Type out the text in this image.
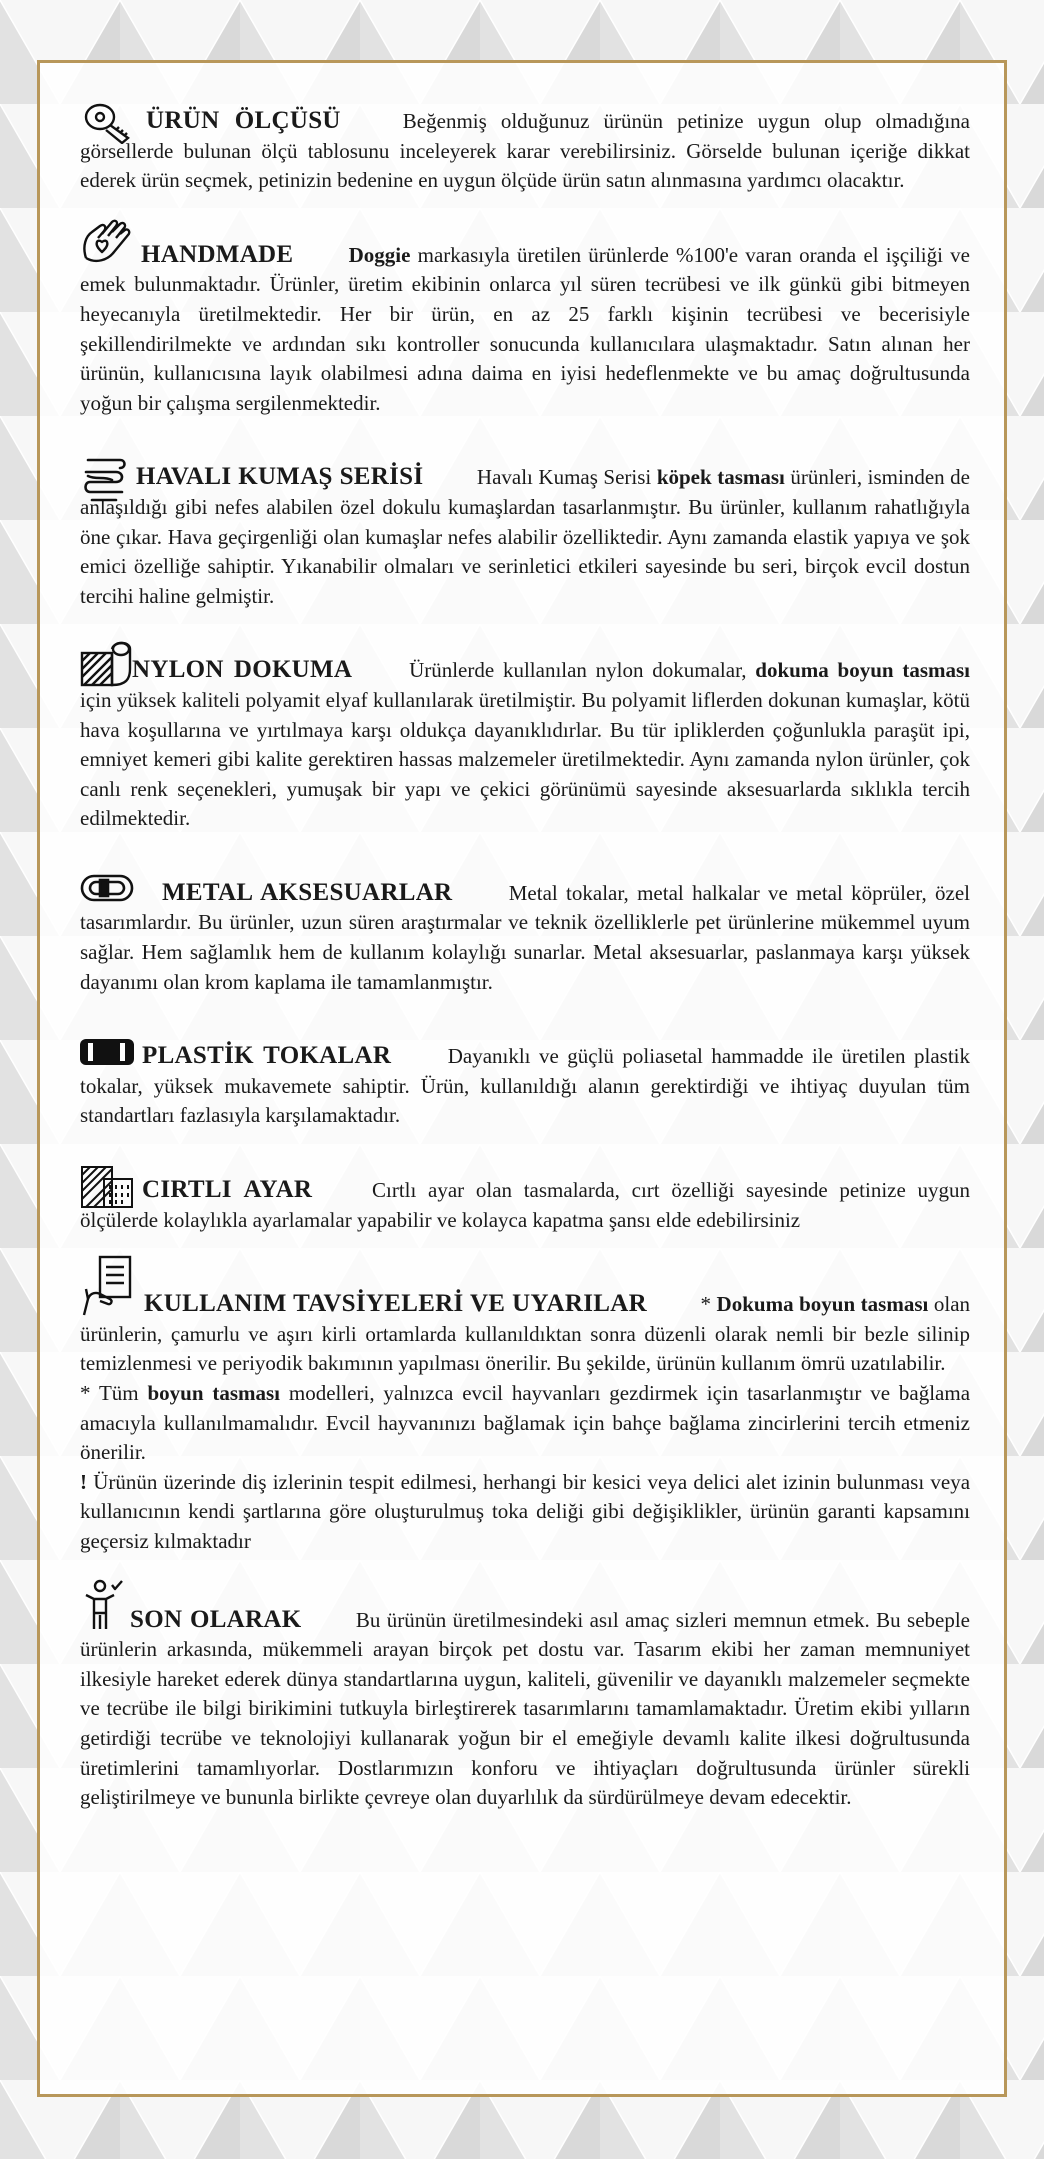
ÜRÜN ÖLÇÜSÜ	Beğenmiş olduğunuz ürünün petinize uygun olup olmadığına görsellerde bulunan ölçü tablosunu inceleyerek karar verebilirsiniz. Görselde bulunan içeriğe dikkat ederek ürün seçmek, petinizin bedenine en uygun ölçüde ürün satın alınmasına yardımcı olacaktır.

HANDMADE	Doggie markasıyla üretilen ürünlerde %100'e varan oranda el işçiliği ve emek bulunmaktadır. Ürünler, üretim ekibinin onlarca yıl süren tecrübesi ve ilk günkü gibi bitmeyen heyecanıyla üretilmektedir. Her bir ürün, en az 25 farklı kişinin tecrübesi ve becerisiyle şekillendirilmekte ve ardından sıkı kontroller sonucunda kullanıcılara ulaşmaktadır. Satın alınan her ürünün, kullanıcısına layık olabilmesi adına daima en iyisi hedeflenmekte ve bu amaç doğrultusunda yoğun bir çalışma sergilenmektedir.

HAVALI KUMAŞ SERİSİ	Havalı Kumaş Serisi köpek tasması ürünleri, isminden de anlaşıldığı gibi nefes alabilen özel dokulu kumaşlardan tasarlanmıştır. Bu ürünler, kullanım rahatlığıyla öne çıkar. Hava geçirgenliği olan kumaşlar nefes alabilir özelliktedir. Aynı zamanda elastik yapıya ve şok emici özelliğe sahiptir. Yıkanabilir olmaları ve serinletici etkileri sayesinde bu seri, birçok evcil dostun tercihi haline gelmiştir.

NYLON DOKUMA	Ürünlerde kullanılan nylon dokumalar, dokuma boyun tasması için yüksek kaliteli polyamit elyaf kullanılarak üretilmiştir. Bu polyamit liflerden dokunan kumaşlar, kötü hava koşullarına ve yırtılmaya karşı oldukça dayanıklıdırlar. Bu tür ipliklerden çoğunlukla paraşüt ipi, emniyet kemeri gibi kalite gerektiren hassas malzemeler üretilmektedir. Aynı zamanda nylon ürünler, çok canlı renk seçenekleri, yumuşak bir yapı ve çekici görünümü sayesinde aksesuarlarda sıklıkla tercih edilmektedir.

METAL AKSESUARLAR	Metal tokalar, metal halkalar ve metal köprüler, özel tasarımlardır. Bu ürünler, uzun süren araştırmalar ve teknik özelliklerle pet ürünlerine mükemmel uyum sağlar. Hem sağlamlık hem de kullanım kolaylığı sunarlar. Metal aksesuarlar, paslanmaya karşı yüksek dayanımı olan krom kaplama ile tamamlanmıştır.

PLASTİK TOKALAR	Dayanıklı ve güçlü poliasetal hammadde ile üretilen plastik tokalar, yüksek mukavemete sahiptir. Ürün, kullanıldığı alanın gerektirdiği ve ihtiyaç duyulan tüm standartları fazlasıyla karşılamaktadır.

CIRTLI AYAR	Cırtlı ayar olan tasmalarda, cırt özelliği sayesinde petinize uygun ölçülerde kolaylıkla ayarlamalar yapabilir ve kolayca kapatma şansı elde edebilirsiniz

KULLANIM TAVSİYELERİ VE UYARILAR	* Dokuma boyun tasması olan ürünlerin, çamurlu ve aşırı kirli ortamlarda kullanıldıktan sonra düzenli olarak nemli bir bezle silinip temizlenmesi ve periyodik bakımının yapılması önerilir. Bu şekilde, ürünün kullanım ömrü uzatılabilir.

* Tüm boyun tasması modelleri, yalnızca evcil hayvanları gezdirmek için tasarlanmıştır ve bağlama amacıyla kullanılmamalıdır. Evcil hayvanınızı bağlamak için bahçe bağlama zincirlerini tercih etmeniz önerilir.

! Ürünün üzerinde diş izlerinin tespit edilmesi, herhangi bir kesici veya delici alet izinin bulunması veya kullanıcının kendi şartlarına göre oluşturulmuş toka deliği gibi değişiklikler, ürünün garanti kapsamını geçersiz kılmaktadır

SON OLARAK	Bu ürünün üretilmesindeki asıl amaç sizleri memnun etmek. Bu sebeple ürünlerin arkasında, mükemmeli arayan birçok pet dostu var. Tasarım ekibi her zaman memnuniyet ilkesiyle hareket ederek dünya standartlarına uygun, kaliteli, güvenilir ve dayanıklı malzemeler seçmekte ve tecrübe ile bilgi birikimini tutkuyla birleştirerek tasarımlarını tamamlamaktadır. Üretim ekibi yılların getirdiği tecrübe ve teknolojiyi kullanarak yoğun bir el emeğiyle devamlı kalite ilkesi doğrultusunda üretimlerini tamamlıyorlar. Dostlarımızın konforu ve ihtiyaçları doğrultusunda ürünler sürekli geliştirilmeye ve bununla birlikte çevreye olan duyarlılık da sürdürülmeye devam edecektir.
